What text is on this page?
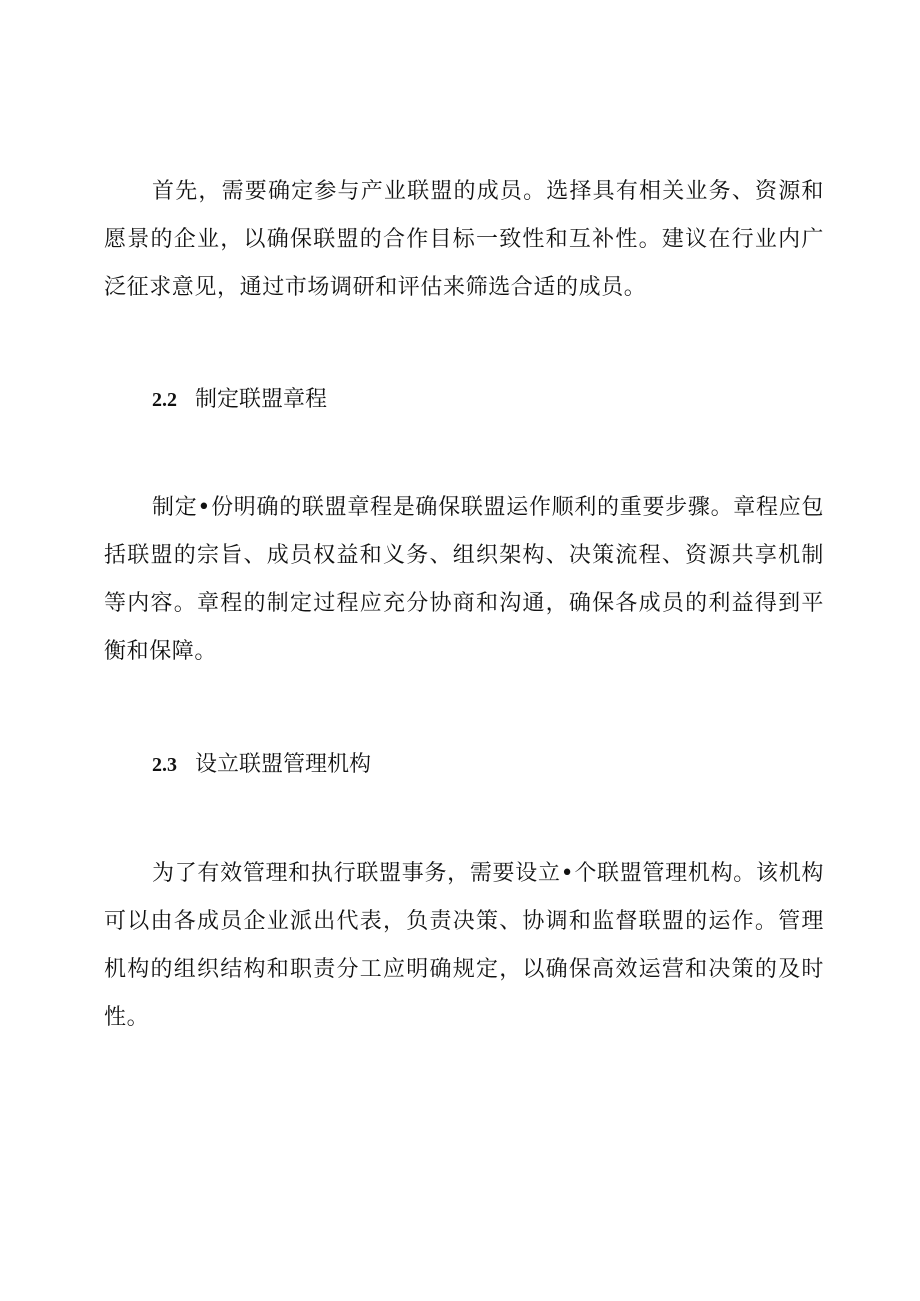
首先，需要确定参与产业联盟的成员。选择具有相关业务、资源和愿景的企业，以确保联盟的合作目标一致性和互补性。建议在行业内广泛征求意见，通过市场调研和评估来筛选合适的成员。

2.2 制定联盟章程

制定•份明确的联盟章程是确保联盟运作顺利的重要步骤。章程应包括联盟的宗旨、成员权益和义务、组织架构、决策流程、资源共享机制等内容。章程的制定过程应充分协商和沟通，确保各成员的利益得到平衡和保障。

2.3 设立联盟管理机构

为了有效管理和执行联盟事务，需要设立•个联盟管理机构。该机构可以由各成员企业派出代表，负责决策、协调和监督联盟的运作。管理机构的组织结构和职责分工应明确规定，以确保高效运营和决策的及时性。
